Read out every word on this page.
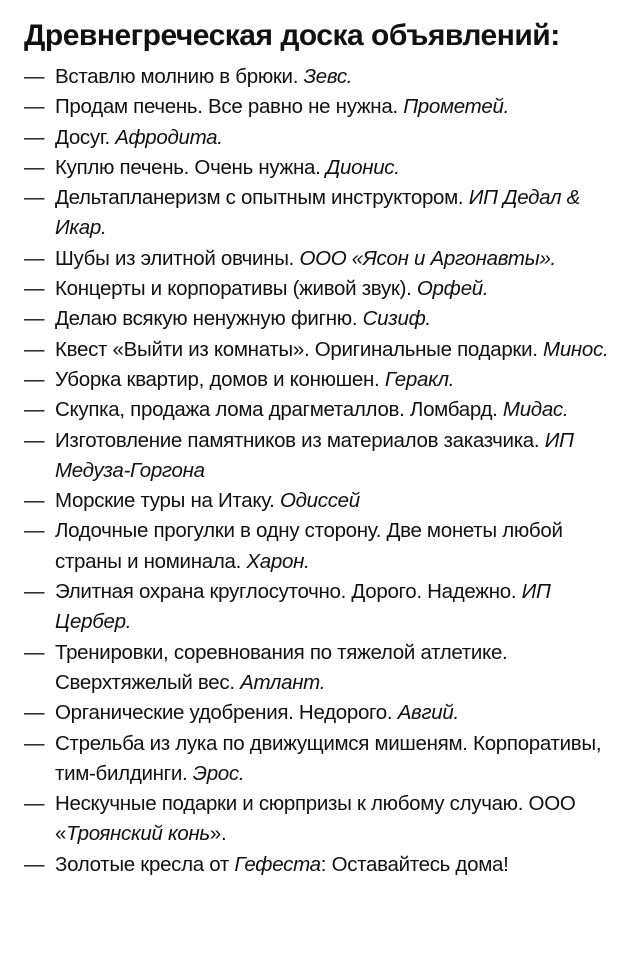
Древнегреческая доска объявлений:
— Вставлю молнию в брюки. Зевс.
— Продам печень. Все равно не нужна. Прометей.
— Досуг. Афродита.
— Куплю печень. Очень нужна. Дионис.
— Дельтапланеризм с опытным инструктором. ИП Дедал & Икар.
— Шубы из элитной овчины. ООО «Ясон и Аргонавты».
— Концерты и корпоративы (живой звук). Орфей.
— Делаю всякую ненужную фигню. Сизиф.
— Квест «Выйти из комнаты». Оригинальные подарки. Минос.
— Уборка квартир, домов и конюшен. Геракл.
— Скупка, продажа лома драгметаллов. Ломбард. Мидас.
— Изготовление памятников из материалов заказчика. ИП Медуза-Горгона
— Морские туры на Итаку. Одиссей
— Лодочные прогулки в одну сторону. Две монеты любой страны и номинала. Харон.
— Элитная охрана круглосуточно. Дорого. Надежно. ИП Цербер.
— Тренировки, соревнования по тяжелой атлетике. Сверхтяжелый вес. Атлант.
— Органические удобрения. Недорого. Авгий.
— Стрельба из лука по движущимся мишеням. Корпоративы, тим-билдинги. Эрос.
— Нескучные подарки и сюрпризы к любому случаю. ООО «Троянский конь».
— Золотые кресла от Гефеста: Оставайтесь дома!
